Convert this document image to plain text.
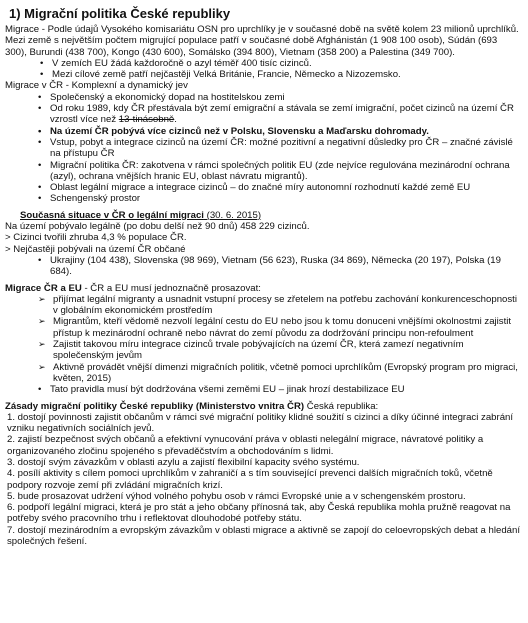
1) Migrační politika České republiky

Migrace - Podle údajů Vysokého komisariátu OSN pro uprchlíky je v současné době na světě kolem 23 milionů uprchlíků. Mezi země s největším počtem migrující populace patří v současné době Afghánistán (1 908 100 osob), Súdán (693 300), Burundi (438 700), Kongo (430 600), Somálsko (394 800), Vietnam (358 200) a Palestina (349 700).

• V zemích EU žádá každoročně o azyl téměř 400 tisíc cizinců.
• Mezi cílové země patří nejčastěji Velká Británie, Francie, Německo a Nizozemsko.

Migrace v ČR - Komplexní a dynamický jev

• Společenský a ekonomický dopad na hostitelskou zemi
• Od roku 1989, kdy ČR přestávala být zemí emigrační a stávala se zemí imigrační, počet cizinců na území ČR vzrostl více než 13-tinásobně.
• Na území ČR pobývá více cizinců než v Polsku, Slovensku a Maďarsku dohromady.
• Vstup, pobyt a integrace cizinců na území ČR: možné pozitivní a negativní důsledky pro ČR – značné závislé na přístupu ČR
• Migrační politika ČR: zakotvena v rámci společných politik EU (zde nejvíce regulována mezinárodní ochrana (azyl), ochrana vnějších hranic EU, oblast návratu migrantů).
• Oblast legální migrace a integrace cizinců – do značné míry autonomní rozhodnutí každé země EU
• Schengenský prostor

Současná situace v ČR o legální migraci (30. 6. 2015)

Na území pobývalo legálně (po dobu delší než 90 dnů) 458 229 cizinců.

> Cizinci tvořili zhruba 4,3 % populace ČR.

> Nejčastěji pobývali na území ČR občané

• Ukrajiny (104 438), Slovenska (98 969), Vietnam (56 623), Ruska (34 869), Německa (20 197), Polska (19 684).

Migrace ČR a EU - ČR a EU musí jednoznačně prosazovat:

➢ přijímat legální migranty a usnadnit vstupní procesy se zřetelem na potřebu zachování konkurenceschopnosti v globálním ekonomickém prostředím
➢ Migrantům, kteří vědomě nezvolí legální cestu do EU nebo jsou k tomu donuceni vnějšími okolnostmi zajistit přístup k mezinárodní ochraně nebo návrat do zemí původu za dodržování principu non-refoulment
➢ Zajistit takovou míru integrace cizinců trvale pobývajících na území ČR, která zamezí negativním společenským jevům
➢ Aktivně provádět vnější dimenzi migračních politik, včetně pomoci uprchlíkům (Evropský program pro migraci, květen, 2015)
• Tato pravidla musí být dodržována všemi zeměmi EU – jinak hrozí destabilizace EU

Zásady migrační politiky České republiky (Ministerstvo vnitra ČR) Česká republika:

1. dostojí povinnosti zajistit občanům v rámci své migrační politiky klidné soužití s cizinci a díky účinné integraci zabrání vzniku negativních sociálních jevů.

2. zajistí bezpečnost svých občanů a efektivní vynucování práva v oblasti nelegální migrace, návratové politiky a organizovaného zločinu spojeného s převaděčstvím a obchodováním s lidmi.

3. dostojí svým závazkům v oblasti azylu a zajistí flexibilní kapacity svého systému.

4. posílí aktivity s cílem pomoci uprchlíkům v zahraničí a s tím související prevenci dalších migračních toků, včetně podpory rozvoje zemí při zvládání migračních krizí.

5. bude prosazovat udržení výhod volného pohybu osob v rámci Evropské unie a v schengenském prostoru.

6. podpoří legální migraci, která je pro stát a jeho občany přínosná tak, aby Česká republika mohla pružně reagovat na potřeby svého pracovního trhu i reflektovat dlouhodobé potřeby státu.

7. dostojí mezinárodním a evropským závazkům v oblasti migrace a aktivně se zapojí do celoevropských debat a hledání společných řešení.
